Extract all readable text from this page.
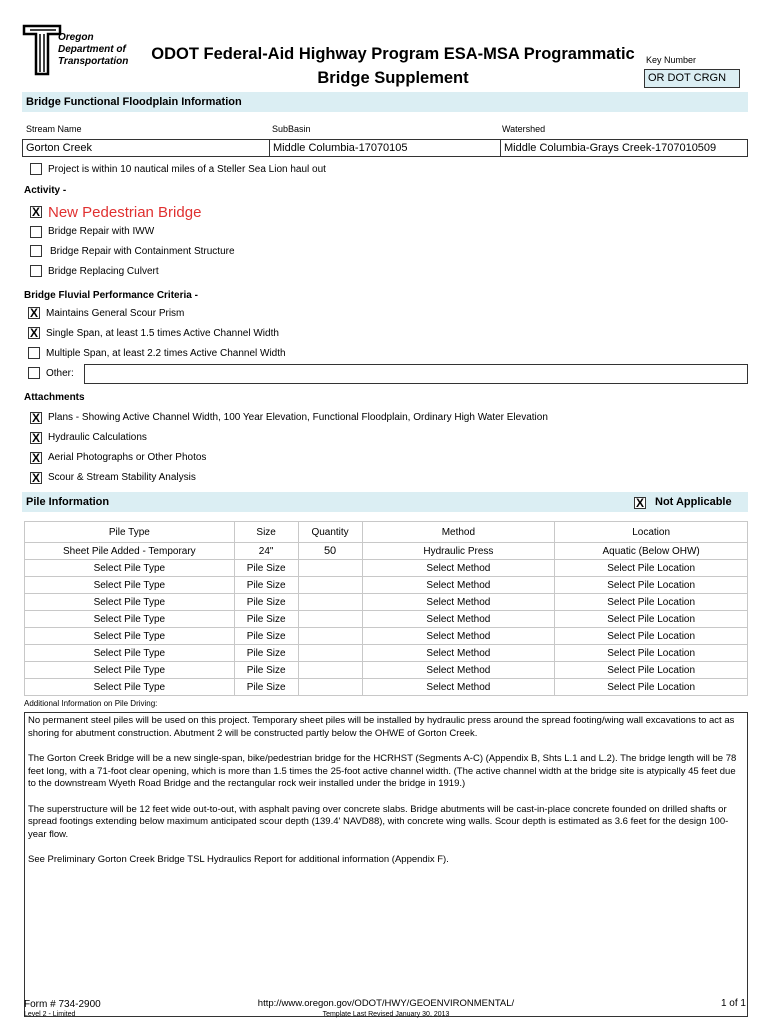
Oregon
Department of
Transportation ODOT Federal-Aid Highway Program ESA-MSA Programmatic
Bridge Supplement
Key Number
OR DOT CRGN
Bridge Functional Floodplain Information
Stream Name	SubBasin	Watershed
Gorton Creek	Middle Columbia-17070105	Middle Columbia-Grays Creek-1707010509
Project is within 10 nautical miles of a Steller Sea Lion haul out
Activity -
X New Pedestrian Bridge
Bridge Repair with IWW
Bridge Repair with Containment Structure
Bridge Replacing Culvert
Bridge Fluvial Performance Criteria -
X Maintains General Scour Prism
X Single Span, at least 1.5 times Active Channel Width
Multiple Span, at least 2.2 times Active Channel Width
Other:
Attachments
X Plans - Showing Active Channel Width, 100 Year Elevation, Functional Floodplain, Ordinary High Water Elevation
X Hydraulic Calculations
X Aerial Photographs or Other Photos
X Scour & Stream Stability Analysis
Pile Information	X Not Applicable
Pile Type	Size	Quantity	Method	Location
Sheet Pile Added - Temporary	24"	50	Hydraulic Press	Aquatic (Below OHW)
Select Pile Type	Pile Size		Select Method	Select Pile Location
Select Pile Type	Pile Size		Select Method	Select Pile Location
Select Pile Type	Pile Size		Select Method	Select Pile Location
Select Pile Type	Pile Size		Select Method	Select Pile Location
Select Pile Type	Pile Size		Select Method	Select Pile Location
Select Pile Type	Pile Size		Select Method	Select Pile Location
Select Pile Type	Pile Size		Select Method	Select Pile Location
Select Pile Type	Pile Size		Select Method	Select Pile Location
Additional Information on Pile Driving:

No permanent steel piles will be used on this project. Temporary sheet piles will be installed by hydraulic press around the spread footing/wing wall excavations to act as shoring for abutment construction. Abutment 2 will be constructed partly below the OHWE of Gorton Creek.

The Gorton Creek Bridge will be a new single-span, bike/pedestrian bridge for the HCRHST (Segments A-C) (Appendix B, Shts L.1 and L.2). The bridge length will be 78 feet long, with a 71-foot clear opening, which is more than 1.5 times the 25-foot active channel width. (The active channel width at the bridge site is atypically 45 feet due to the downstream Wyeth Road Bridge and the rectangular rock weir installed under the bridge in 1919.)

The superstructure will be 12 feet wide out-to-out, with asphalt paving over concrete slabs. Bridge abutments will be cast-in-place concrete founded on drilled shafts or spread footings extending below maximum anticipated scour depth (139.4' NAVD88), with concrete wing walls. Scour depth is estimated as 3.6 feet for the design 100-year flow.

See Preliminary Gorton Creek Bridge TSL Hydraulics Report for additional information (Appendix F).

Form # 734-2900
Level 2 - Limited
http://www.oregon.gov/ODOT/HWY/GEOENVIRONMENTAL/
Template Last Revised January 30, 2013
1 of 1
